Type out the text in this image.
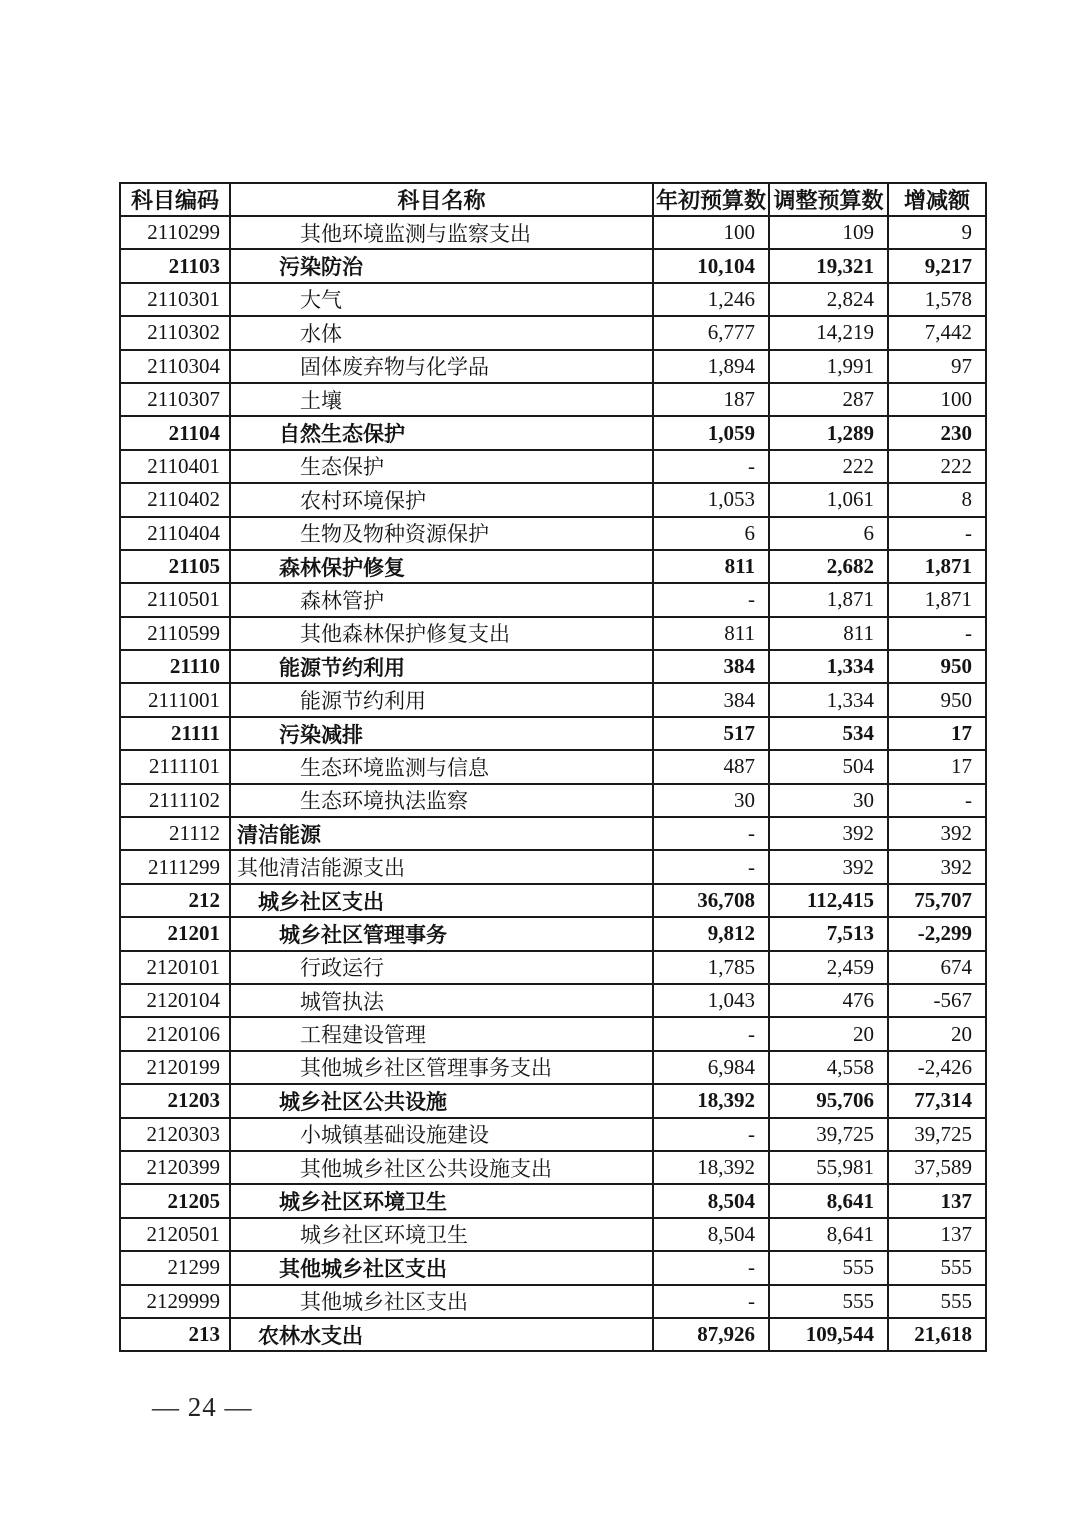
科目编码	科目名称	年初预算数	调整预算数	增减额
2110299	其他环境监测与监察支出	100	109	9
21103	污染防治	10,104	19,321	9,217
2110301	大气	1,246	2,824	1,578
2110302	水体	6,777	14,219	7,442
2110304	固体废弃物与化学品	1,894	1,991	97
2110307	土壤	187	287	100
21104	自然生态保护	1,059	1,289	230
2110401	生态保护	-	222	222
2110402	农村环境保护	1,053	1,061	8
2110404	生物及物种资源保护	6	6	-
21105	森林保护修复	811	2,682	1,871
2110501	森林管护	-	1,871	1,871
2110599	其他森林保护修复支出	811	811	-
21110	能源节约利用	384	1,334	950
2111001	能源节约利用	384	1,334	950
21111	污染减排	517	534	17
2111101	生态环境监测与信息	487	504	17
2111102	生态环境执法监察	30	30	-
21112	清洁能源	-	392	392
2111299	其他清洁能源支出	-	392	392
212	城乡社区支出	36,708	112,415	75,707
21201	城乡社区管理事务	9,812	7,513	-2,299
2120101	行政运行	1,785	2,459	674
2120104	城管执法	1,043	476	-567
2120106	工程建设管理	-	20	20
2120199	其他城乡社区管理事务支出	6,984	4,558	-2,426
21203	城乡社区公共设施	18,392	95,706	77,314
2120303	小城镇基础设施建设	-	39,725	39,725
2120399	其他城乡社区公共设施支出	18,392	55,981	37,589
21205	城乡社区环境卫生	8,504	8,641	137
2120501	城乡社区环境卫生	8,504	8,641	137
21299	其他城乡社区支出	-	555	555
2129999	其他城乡社区支出	-	555	555
213	农林水支出	87,926	109,544	21,618
— 24 —
